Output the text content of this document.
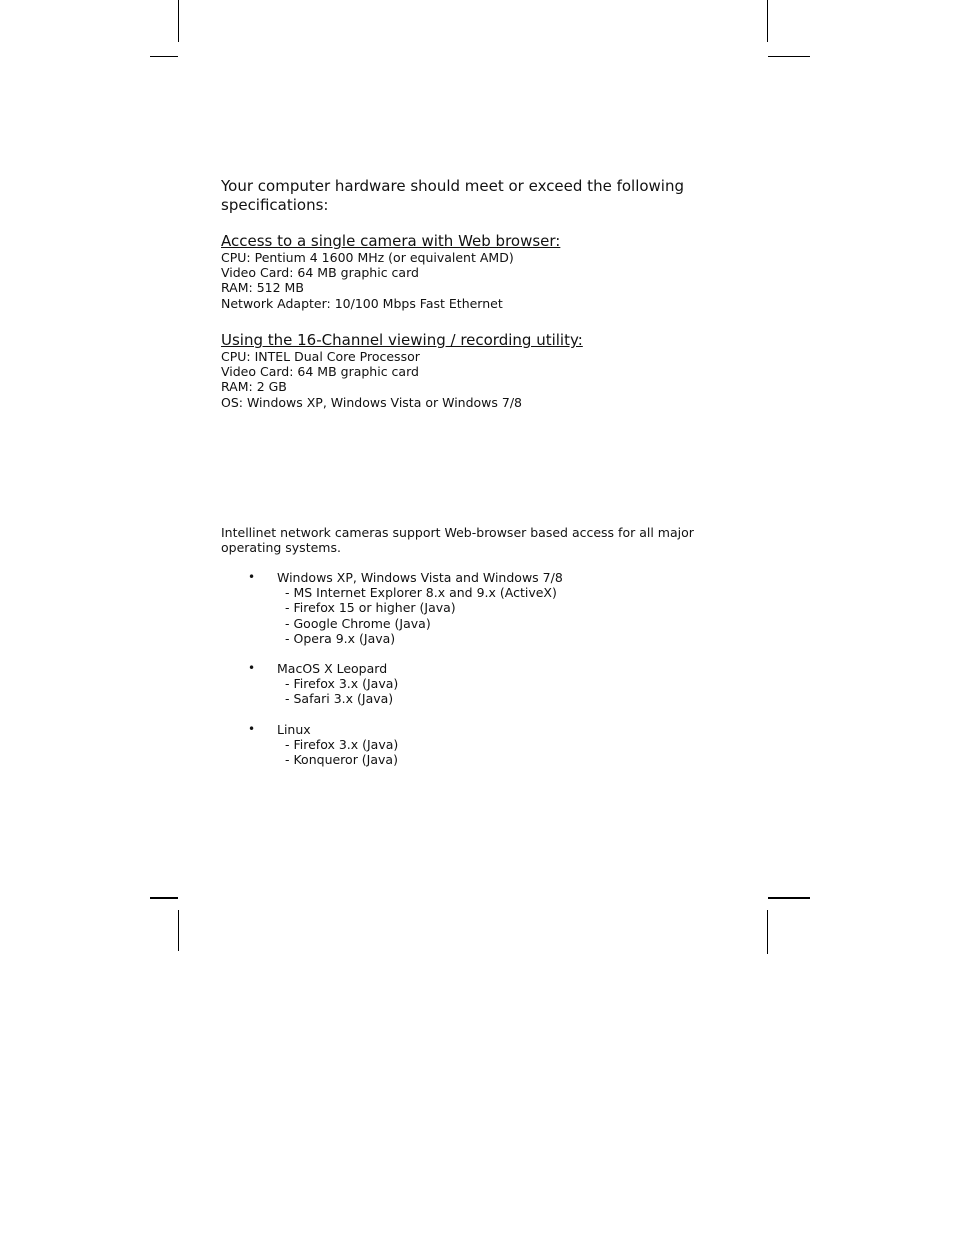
Your computer hardware should meet or exceed the following specifications:

Access to a single camera with Web browser:

CPU: Pentium 4 1600 MHz (or equivalent AMD)

Video Card: 64 MB graphic card

RAM: 512 MB

Network Adapter: 10/100 Mbps Fast Ethernet

Using the 16-Channel viewing / recording utility:

CPU: INTEL Dual Core Processor

Video Card: 64 MB graphic card

RAM: 2 GB

OS: Windows XP, Windows Vista or Windows 7/8

Intellinet network cameras support Web-browser based access for all major operating systems.

• Windows XP, Windows Vista and Windows 7/8
- MS Internet Explorer 8.x and 9.x (ActiveX)
- Firefox 15 or higher (Java)
- Google Chrome (Java)
- Opera 9.x (Java)
• MacOS X Leopard
- Firefox 3.x (Java)
- Safari 3.x (Java)
• Linux
- Firefox 3.x (Java)
- Konqueror (Java)
